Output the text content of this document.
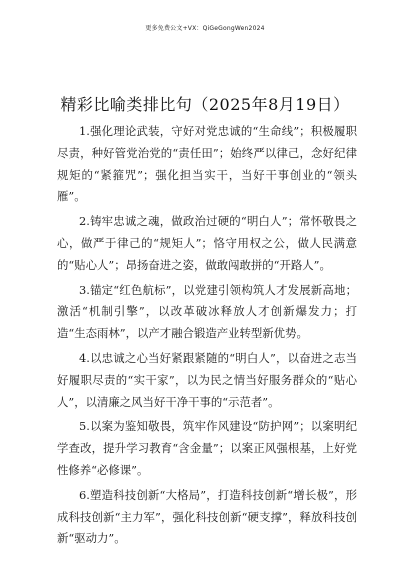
更多免费公文+VX：QiGeGongWen2024
精彩比喻类排比句（2025年8月19日）

1.强化理论武装，守好对党忠诚的“生命线”；积极履职尽责，种好管党治党的“责任田”；始终严以律己，念好纪律规矩的“紧箍咒”；强化担当实干，当好干事创业的“领头雁”。

2.铸牢忠诚之魂，做政治过硬的“明白人”；常怀敬畏之心，做严于律己的“规矩人”；恪守用权之公，做人民满意的“贴心人”；昂扬奋进之姿，做敢闯敢拼的“开路人”。

3.锚定“红色航标”，以党建引领构筑人才发展新高地；激活“机制引擎”，以改革破冰释放人才创新爆发力；打造“生态雨林”，以产才融合锻造产业转型新优势。

4.以忠诚之心当好紧跟紧随的“明白人”，以奋进之志当好履职尽责的“实干家”，以为民之情当好服务群众的“贴心人”，以清廉之风当好干净干事的“示范者”。

5.以案为鉴知敬畏，筑牢作风建设“防护网”；以案明纪学查改，提升学习教育“含金量”；以案正风强根基，上好党性修养“必修课”。

6.塑造科技创新“大格局”，打造科技创新“增长极”，形成科技创新“主力军”，强化科技创新“硬支撑”，释放科技创新“驱动力”。
